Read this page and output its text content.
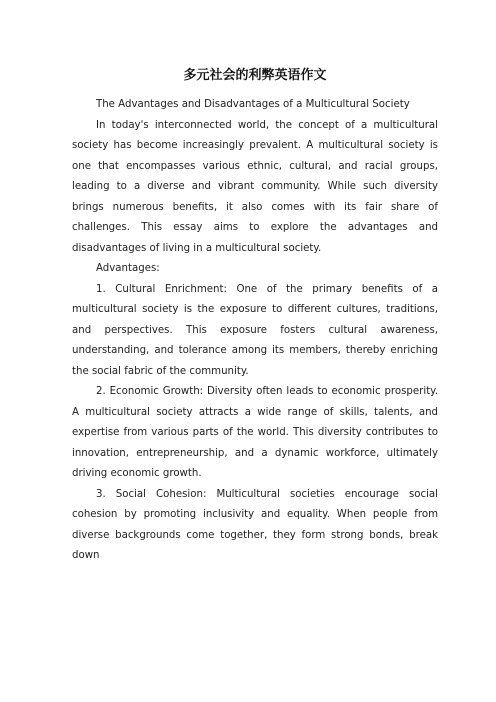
多元社会的利弊英语作文

The Advantages and Disadvantages of a Multicultural Society

In today's interconnected world, the concept of a multicultural society has become increasingly prevalent. A multicultural society is one that encompasses various ethnic, cultural, and racial groups, leading to a diverse and vibrant community. While such diversity brings numerous benefits, it also comes with its fair share of challenges. This essay aims to explore the advantages and disadvantages of living in a multicultural society.

Advantages:

1. Cultural Enrichment: One of the primary benefits of a multicultural society is the exposure to different cultures, traditions, and perspectives. This exposure fosters cultural awareness, understanding, and tolerance among its members, thereby enriching the social fabric of the community.

2. Economic Growth: Diversity often leads to economic prosperity. A multicultural society attracts a wide range of skills, talents, and expertise from various parts of the world. This diversity contributes to innovation, entrepreneurship, and a dynamic workforce, ultimately driving economic growth.

3. Social Cohesion: Multicultural societies encourage social cohesion by promoting inclusivity and equality. When people from diverse backgrounds come together, they form strong bonds, break down
